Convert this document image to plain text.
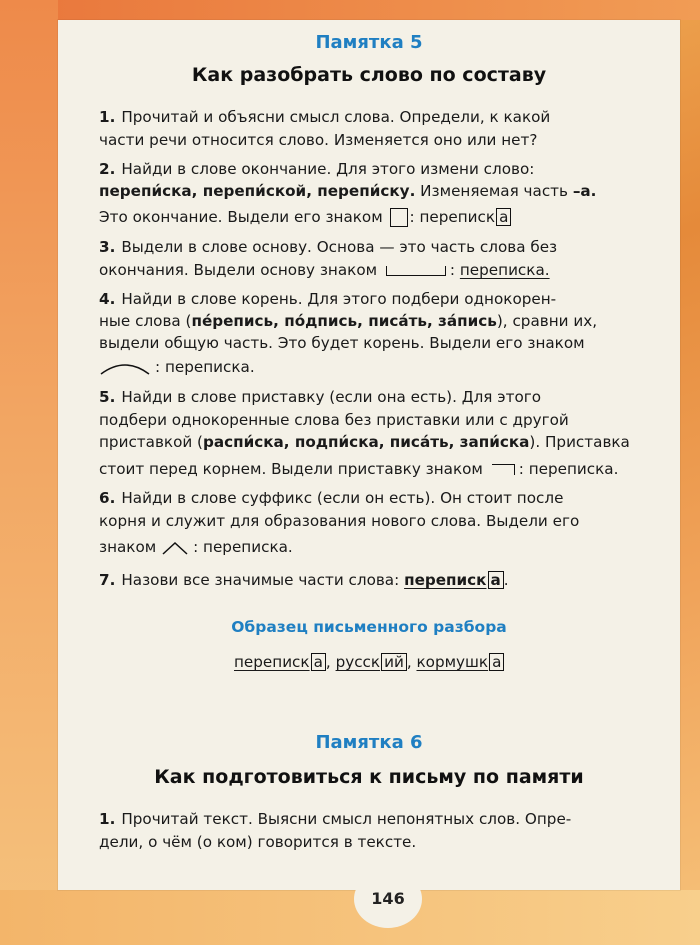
Памятка 5
Как разобрать слово по составу
1. Прочитай и объясни смысл слова. Определи, к какой
части речи относится слово. Изменяется оно или нет?
2. Найди в слове окончание. Для этого измени слово:
перепи́ска, перепи́ской, перепи́ску. Изменяемая часть –а.
Это окончание. Выдели его знаком : переписк а
3. Выдели в слове основу. Основа — это часть слова без
окончания. Выдели основу знаком	: переписка.
4. Найди в слове корень. Для этого подбери однокорен-
ные слова (пе́репись, по́дпись, писа́ть, за́пись), сравни их,
выдели общую часть. Это будет корень. Выдели его знаком
: переписка.
5. Найди в слове приставку (если она есть). Для этого
подбери однокоренные слова без приставки или с другой
приставкой (распи́ска, подпи́ска, писа́ть, запи́ска). Приставка
стоит перед корнем. Выдели приставку знаком : переписка.
6. Найди в слове суффикс (если он есть). Он стоит после
корня и служит для образования нового слова. Выдели его
знаком : переписка.
7. Назови все значимые части слова: переписк а .
Образец письменного разбора
переписк а , русск ий , кормушк а
Памятка 6
Как подготовиться к письму по памяти
1. Прочитай текст. Выясни смысл непонятных слов. Опре-
дели, о чём (о ком) говорится в тексте.
146
